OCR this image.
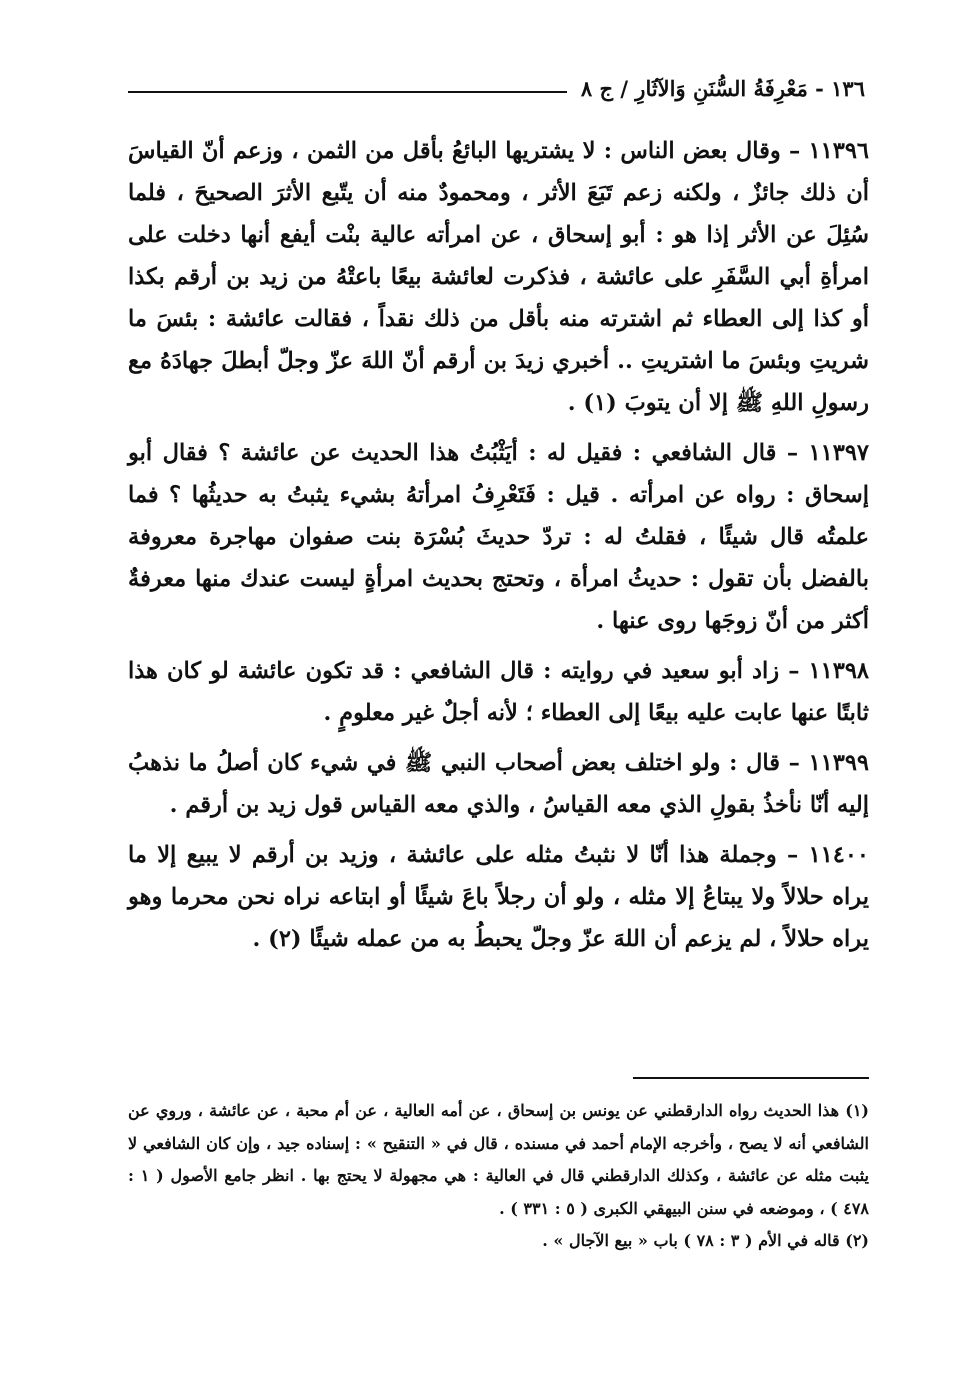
١٣٦ - مَعْرِفَةُ السُّنَنِ وَالآثَارِ / ج ٨

١١٣٩٦ – وقال بعض الناس : لا يشتريها البائعُ بأقل من الثمن ، وزعم أنّ القياسَ أن ذلك جائزٌ ، ولكنه زعم تَبَعَ الأثر ، ومحمودٌ منه أن يتّبع الأثرَ الصحيحَ ، فلما سُئِلَ عن الأثر إذا هو : أبو إسحاق ، عن امرأته عالية بنْت أيفع أنها دخلت على امرأةِ أبي السَّفَرِ على عائشة ، فذكرت لعائشة بيعًا باعتْهُ من زيد بن أرقم بكذا أو كذا إلى العطاء ثم اشترته منه بأقل من ذلك نقداً ، فقالت عائشة : بئسَ ما شريتِ وبئسَ ما اشتريتِ .. أخبري زيدَ بن أرقم أنّ اللهَ عزّ وجلّ أبطلَ جهادَهُ مع رسولِ اللهِ ﷺ إلا أن يتوبَ (١) .

١١٣٩٧ – قال الشافعي : فقيل له : أيَثْبُتُ هذا الحديث عن عائشة ؟ فقال أبو إسحاق : رواه عن امرأته . قيل : فَتَعْرِفُ امرأتهُ بشيء يثبتُ به حديثُها ؟ فما علمتُه قال شيئًا ، فقلتُ له : تردّ حديثَ بُسْرَة بنت صفوان مهاجرة معروفة بالفضل بأن تقول : حديثُ امرأة ، وتحتج بحديث امرأةٍ ليست عندك منها معرفةٌ أكثر من أنّ زوجَها روى عنها .

١١٣٩٨ – زاد أبو سعيد في روايته : قال الشافعي : قد تكون عائشة لو كان هذا ثابتًا عنها عابت عليه بيعًا إلى العطاء ؛ لأنه أجلٌ غير معلومٍ .

١١٣٩٩ – قال : ولو اختلف بعض أصحاب النبي ﷺ في شيء كان أصلُ ما نذهبُ إليه أنّا نأخذُ بقولِ الذي معه القياسُ ، والذي معه القياس قول زيد بن أرقم .

١١٤٠٠ – وجملة هذا أنّا لا نثبتُ مثله على عائشة ، وزيد بن أرقم لا يبيع إلا ما يراه حلالاً ولا يبتاعُ إلا مثله ، ولو أن رجلاً باعَ شيئًا أو ابتاعه نراه نحن محرما وهو يراه حلالاً ، لم يزعم أن اللهَ عزّ وجلّ يحبطُ به من عمله شيئًا (٢) .

(١) هذا الحديث رواه الدارقطني عن يونس بن إسحاق ، عن أمه العالية ، عن أم محبة ، عن عائشة ، وروي عن الشافعي أنه لا يصح ، وأخرجه الإمام أحمد في مسنده ، قال في « التنقيح » : إسناده جيد ، وإن كان الشافعي لا يثبت مثله عن عائشة ، وكذلك الدارقطني قال في العالية : هي مجهولة لا يحتج بها . انظر جامع الأصول ( ١ : ٤٧٨ ) ، وموضعه في سنن البيهقي الكبرى ( ٥ : ٣٣١ ) .

(٢) قاله في الأم ( ٣ : ٧٨ ) باب « بيع الآجال » .
